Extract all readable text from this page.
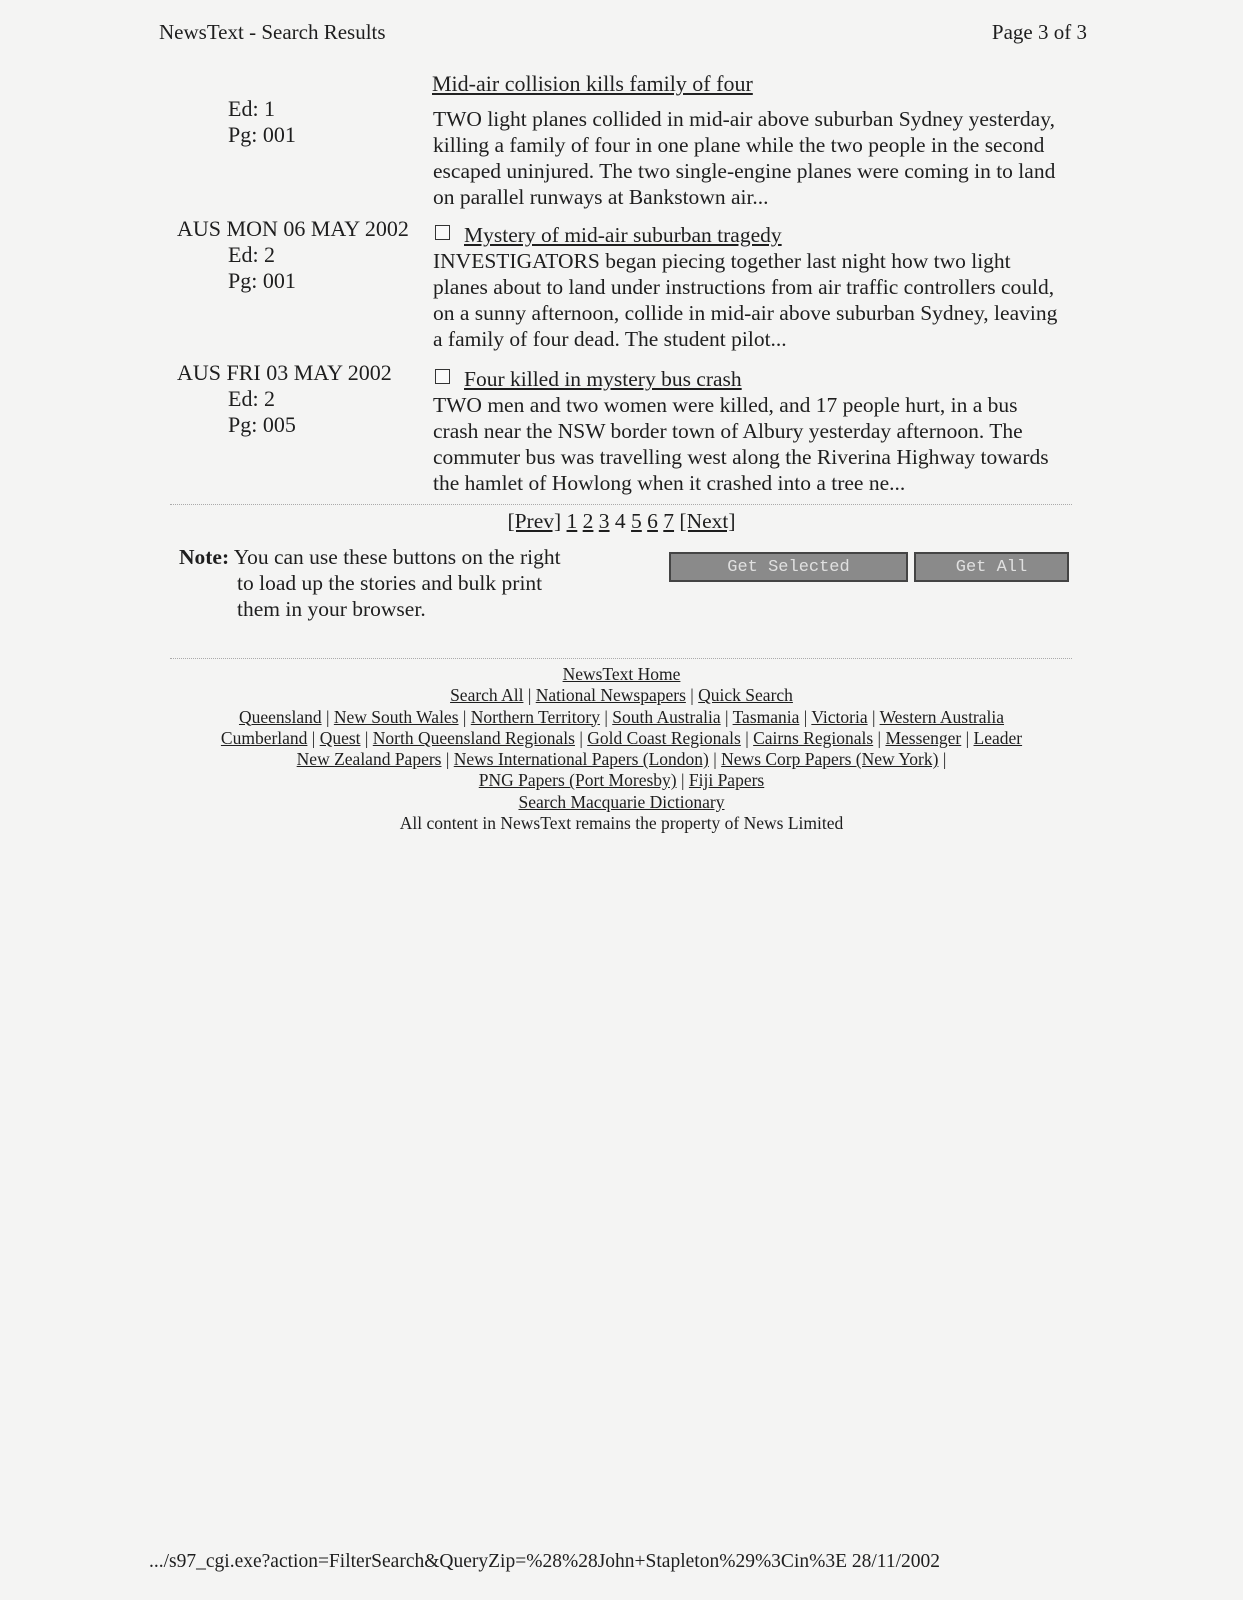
NewsText - Search Results	Page 3 of 3
Mid-air collision kills family of four
Ed: 1
Pg: 001

TWO light planes collided in mid-air above suburban Sydney yesterday, killing a family of four in one plane while the two people in the second escaped uninjured. The two single-engine planes were coming in to land on parallel runways at Bankstown air...

AUS MON 06 MAY 2002
Ed: 2
Pg: 001
Mystery of mid-air suburban tragedy

INVESTIGATORS began piecing together last night how two light planes about to land under instructions from air traffic controllers could, on a sunny afternoon, collide in mid-air above suburban Sydney, leaving a family of four dead. The student pilot...

AUS FRI 03 MAY 2002
Ed: 2
Pg: 005
Four killed in mystery bus crash

TWO men and two women were killed, and 17 people hurt, in a bus crash near the NSW border town of Albury yesterday afternoon. The commuter bus was travelling west along the Riverina Highway towards the hamlet of Howlong when it crashed into a tree ne...

[Prev] 1 2 3 4 5 6 7 [Next]
Note: You can use these buttons on the right
to load up the stories and bulk print
them in your browser.
Get Selected	Get All
NewsText Home
Search All | National Newspapers | Quick Search
Queensland | New South Wales | Northern Territory | South Australia | Tasmania | Victoria | Western Australia
Cumberland | Quest | North Queensland Regionals | Gold Coast Regionals | Cairns Regionals | Messenger | Leader
New Zealand Papers | News International Papers (London) | News Corp Papers (New York) |
PNG Papers (Port Moresby) | Fiji Papers
Search Macquarie Dictionary
All content in NewsText remains the property of News Limited
.../s97_cgi.exe?action=FilterSearch&QueryZip=%28%28John+Stapleton%29%3Cin%3E 28/11/2002
